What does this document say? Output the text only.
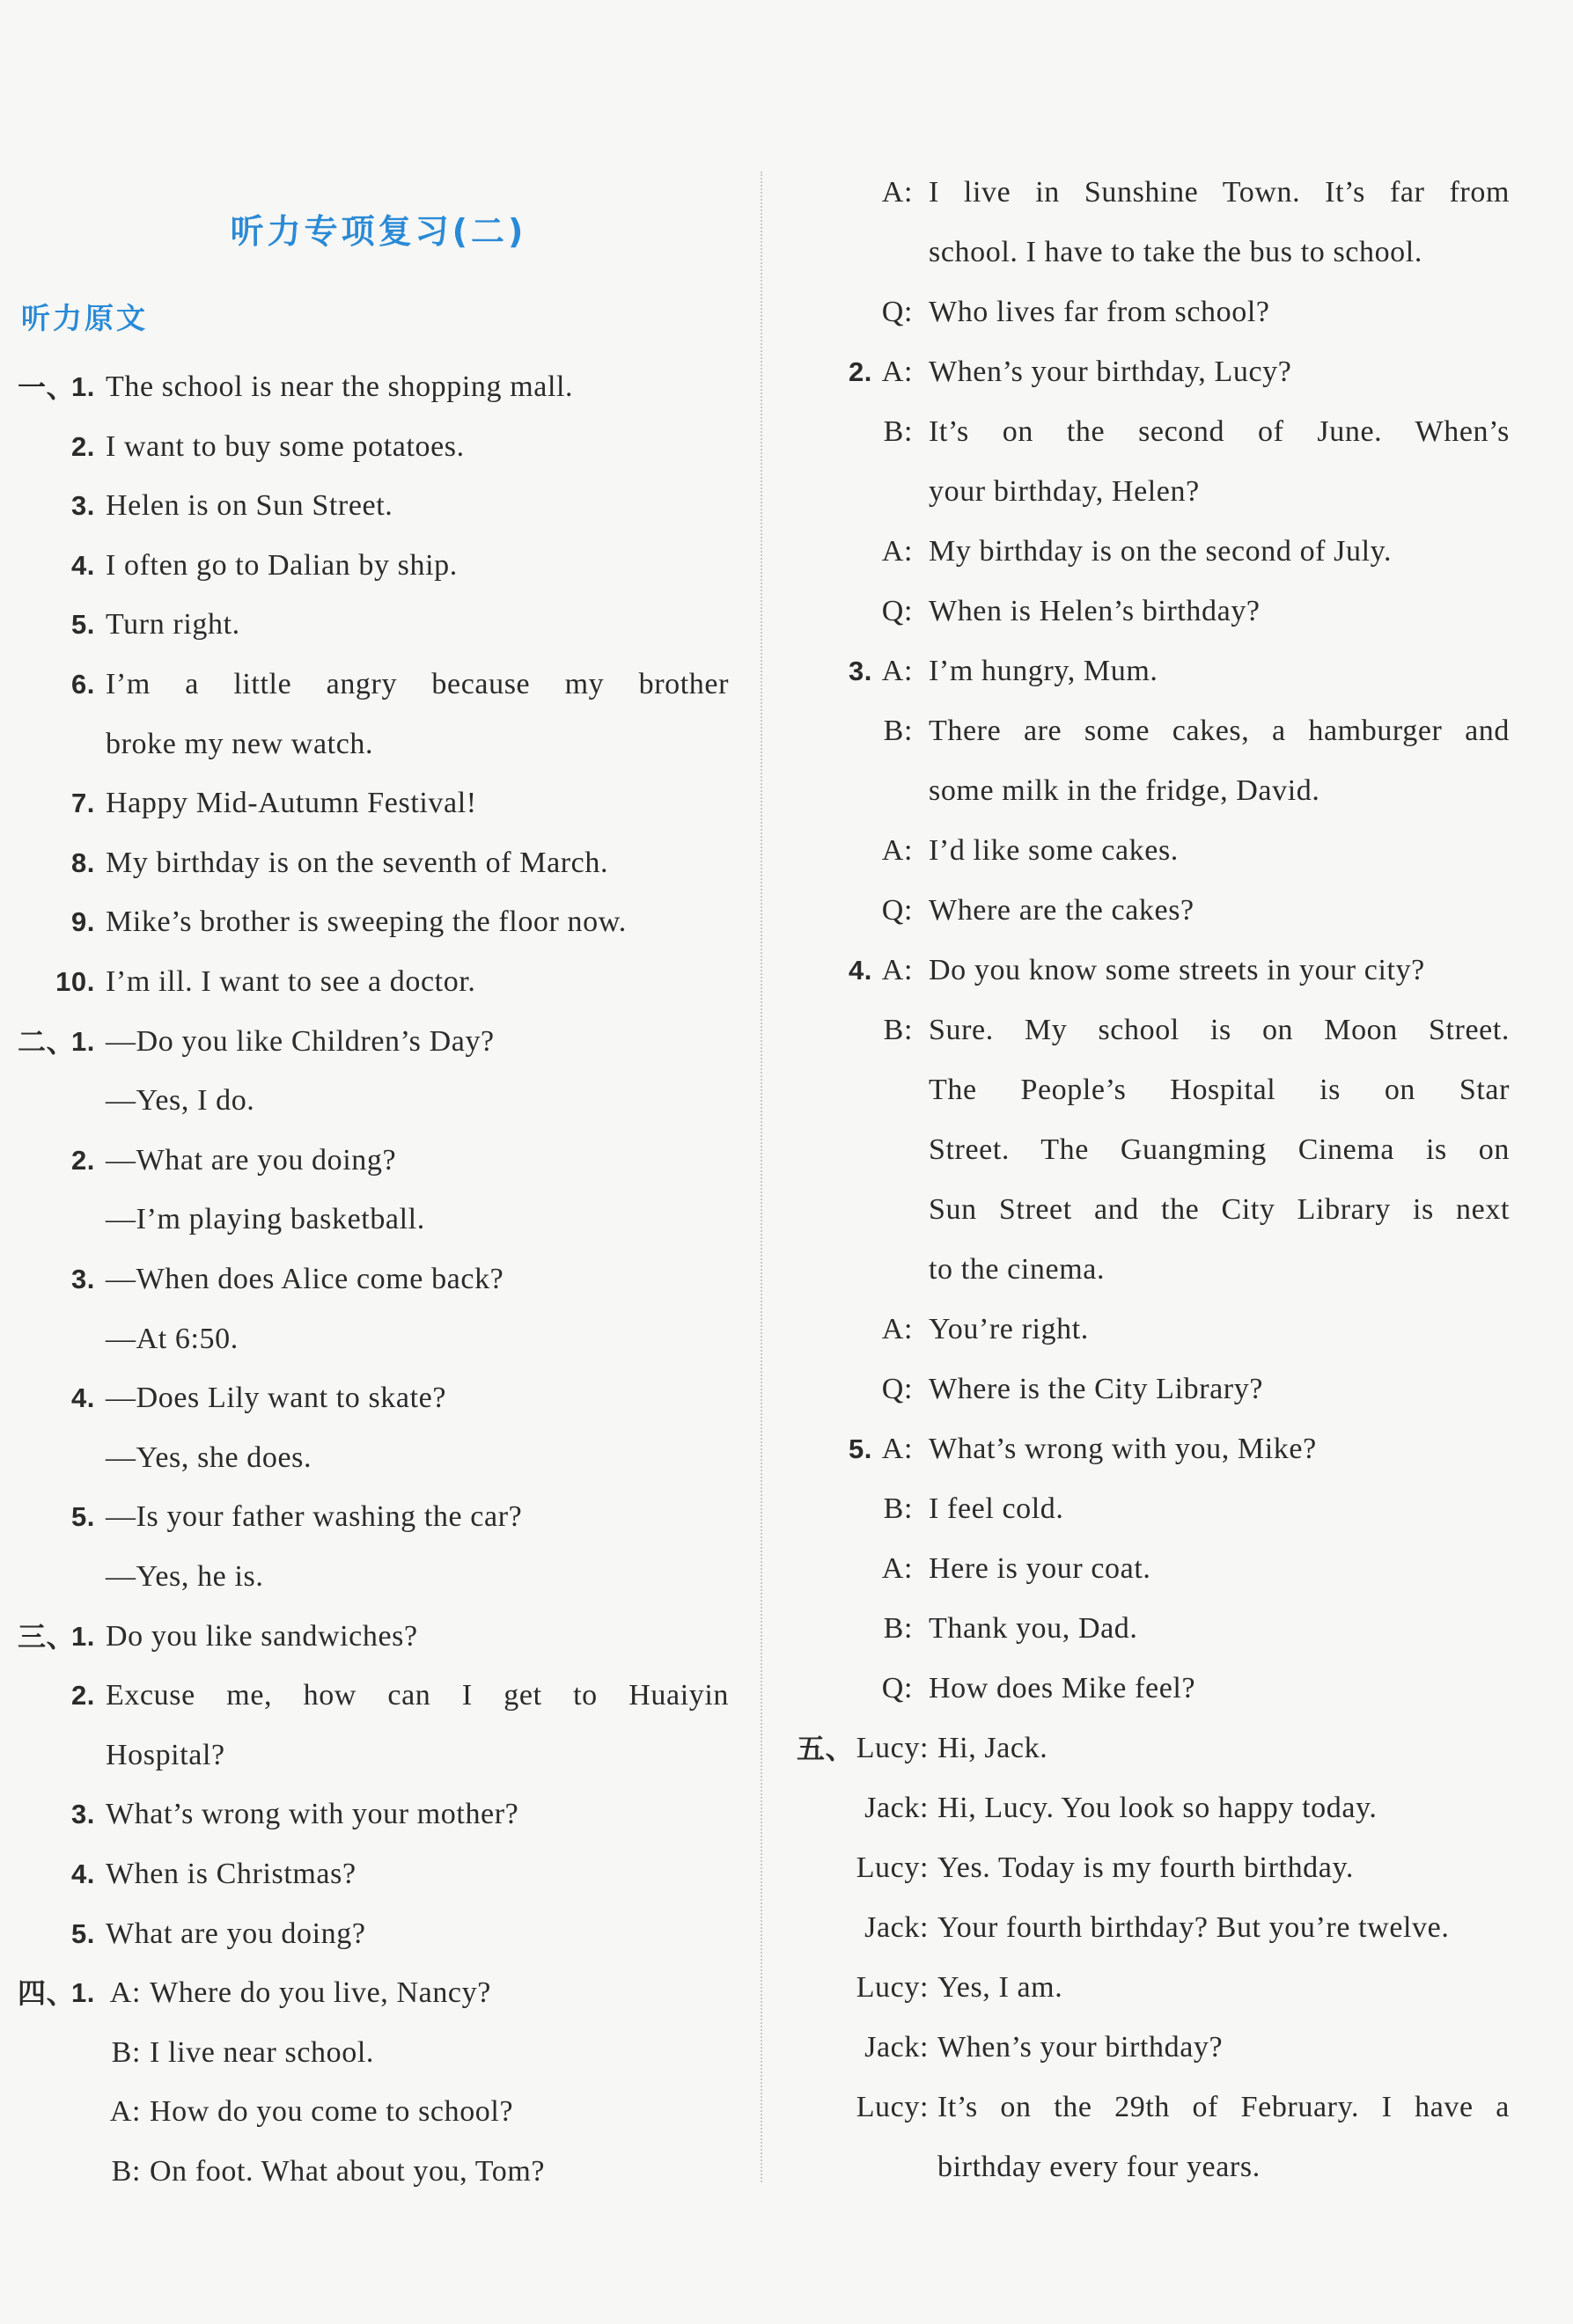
听力专项复习(二)
听力原文
一、
1. The school is near the shopping mall.
2. I want to buy some potatoes.
3. Helen is on Sun Street.
4. I often go to Dalian by ship.
5. Turn right.
6. I’m a little angry because my brother
broke my new watch.
7. Happy Mid-Autumn Festival!
8. My birthday is on the seventh of March.
9. Mike’s brother is sweeping the floor now.
10. I’m ill. I want to see a doctor.
二、
1. —Do you like Children’s Day?
—Yes, I do.
2. —What are you doing?
—I’m playing basketball.
3. —When does Alice come back?
—At 6:50.
4. —Does Lily want to skate?
—Yes, she does.
5. —Is your father washing the car?
—Yes, he is.
三、
1. Do you like sandwiches?
2. Excuse me, how can I get to Huaiyin
Hospital?
3. What’s wrong with your mother?
4. When is Christmas?
5. What are you doing?
四、
1. A: Where do you live, Nancy?
B: I live near school.
A: How do you come to school?
B: On foot. What about you, Tom?
A: I live in Sunshine Town. It’s far from
school. I have to take the bus to school.
Q: Who lives far from school?
2. A: When’s your birthday, Lucy?
B: It’s on the second of June. When’s
your birthday, Helen?
A: My birthday is on the second of July.
Q: When is Helen’s birthday?
3. A: I’m hungry, Mum.
B: There are some cakes, a hamburger and
some milk in the fridge, David.
A: I’d like some cakes.
Q: Where are the cakes?
4. A: Do you know some streets in your city?
B: Sure. My school is on Moon Street.
The People’s Hospital is on Star
Street. The Guangming Cinema is on
Sun Street and the City Library is next
to the cinema.
A: You’re right.
Q: Where is the City Library?
5. A: What’s wrong with you, Mike?
B: I feel cold.
A: Here is your coat.
B: Thank you, Dad.
Q: How does Mike feel?
五、 Lucy: Hi, Jack.
Jack: Hi, Lucy. You look so happy today.
Lucy: Yes. Today is my fourth birthday.
Jack: Your fourth birthday? But you’re twelve.
Lucy: Yes, I am.
Jack: When’s your birthday?
Lucy: It’s on the 29th of February. I have a
birthday every four years.
